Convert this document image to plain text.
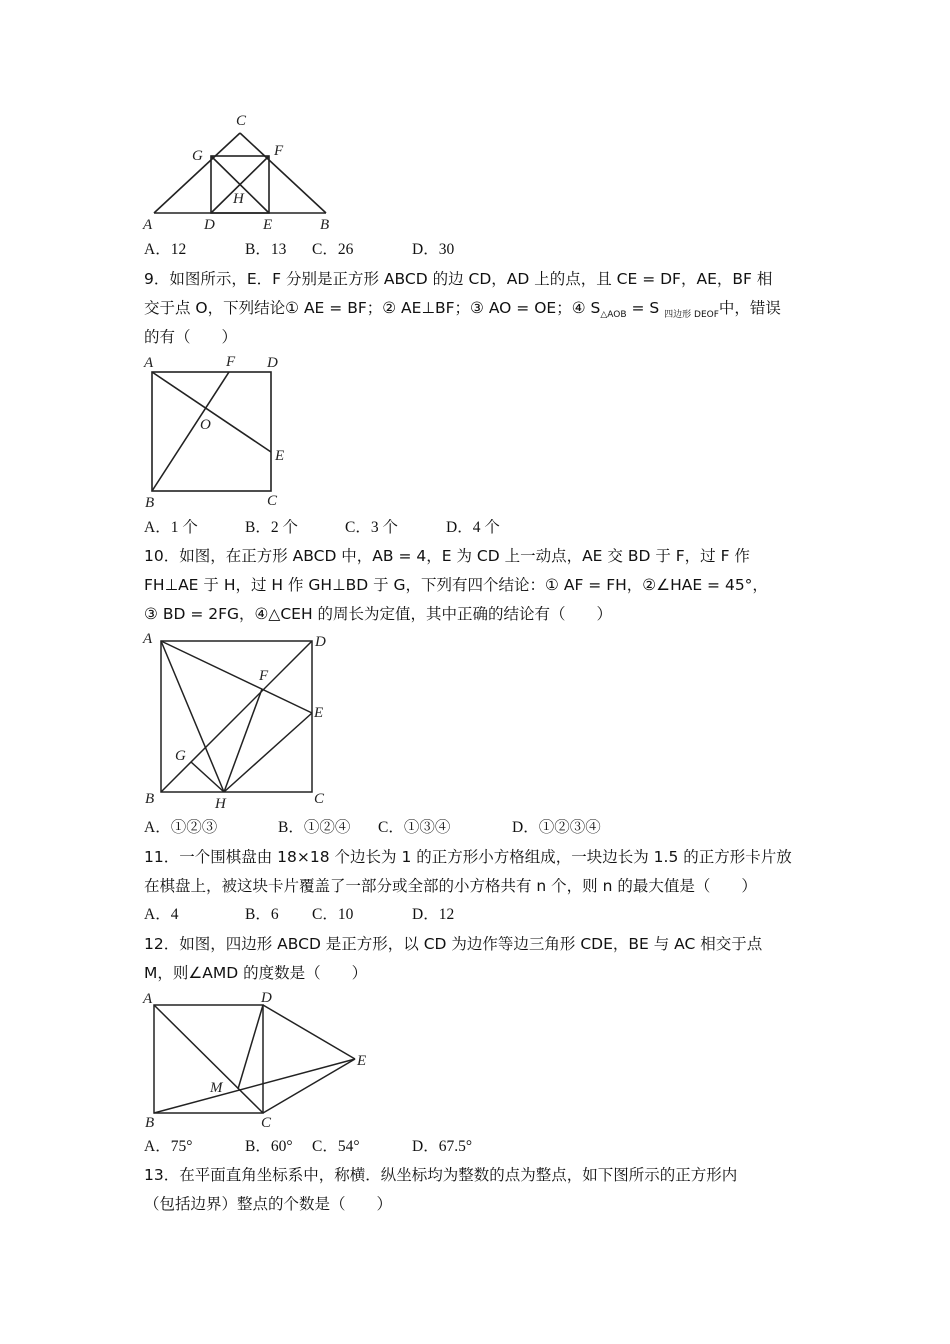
C
G	F
H
A	D	E	B
A．12	B．13 C．26	D．30
9．如图所示，E．F 分别是正方形 ABCD 的边 CD，AD 上的点，且 CE = DF，AE，BF 相
交于点 O，下列结论① AE = BF；② AE⊥BF；③ AO = OE；④ $S_{\triangle AOB} = S$ $_{四边形 DEOF}$中，错误
的有（　　）
A	F D
O
E
B	C
A．1 个	B．2 个	C．3 个	D．4 个
10．如图，在正方形 ABCD 中，AB = 4，E 为 CD 上一动点，AE 交 BD 于 F，过 F 作
FH⊥AE 于 H，过 H 作 GH⊥BD 于 G，下列有四个结论：① AF = FH，②∠HAE = 45°，
③ BD = 2FG，④△CEH 的周长为定值，其中正确的结论有（　　）
A	D
F
E
G
B	H	C
A．①②③	B．①②④ C．①③④	D．①②③④
11．一个围棋盘由 18×18 个边长为 1 的正方形小方格组成，一块边长为 1.5 的正方形卡片放
在棋盘上，被这块卡片覆盖了一部分或全部的小方格共有 n 个，则 n 的最大值是（　　）
A．4	B．6 C．10	D．12
12．如图，四边形 ABCD 是正方形，以 CD 为边作等边三角形 CDE，BE 与 AC 相交于点
M，则∠AMD 的度数是（　　）
A	D
E
M
B	C
A．75°	B．60° C．54°	D．67.5°
13．在平面直角坐标系中，称横．纵坐标均为整数的点为整点，如下图所示的正方形内
（包括边界）整点的个数是（　　）
